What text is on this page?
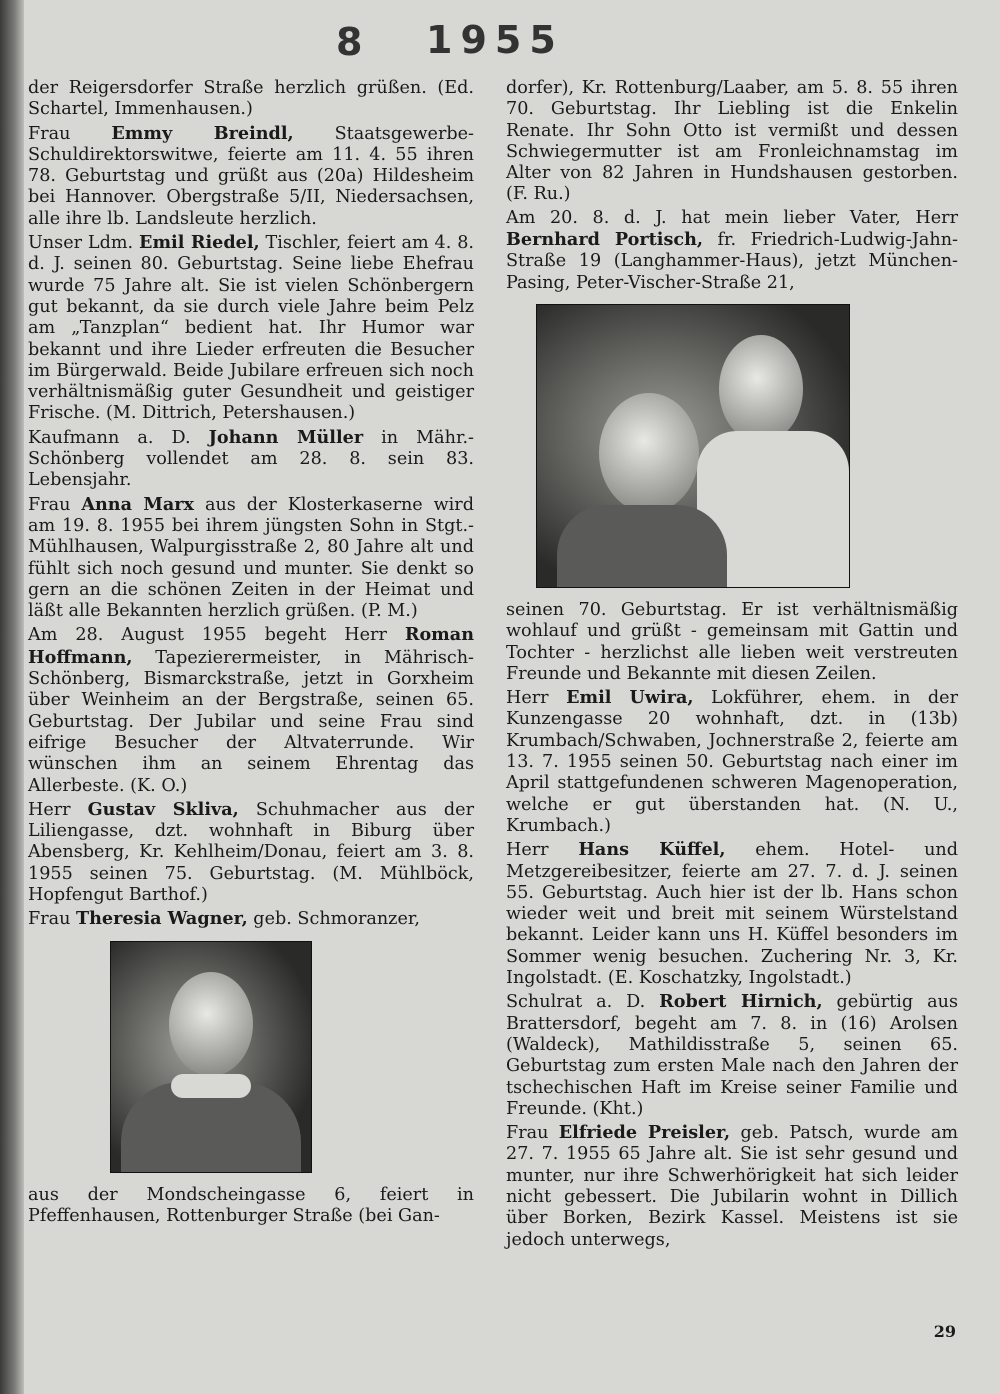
8 1955

der Reigersdorfer Straße herzlich grüßen. (Ed. Schartel, Immenhausen.)

Frau Emmy Breindl, Staatsgewerbe-Schuldirektorswitwe, feierte am 11. 4. 55 ihren 78. Geburtstag und grüßt aus (20a) Hildesheim bei Hannover. Obergstraße 5/II, Niedersachsen, alle ihre lb. Landsleute herzlich.

Unser Ldm. Emil Riedel, Tischler, feiert am 4. 8. d. J. seinen 80. Geburtstag. Seine liebe Ehefrau wurde 75 Jahre alt. Sie ist vielen Schönbergern gut bekannt, da sie durch viele Jahre beim Pelz am „Tanzplan“ bedient hat. Ihr Humor war bekannt und ihre Lieder erfreuten die Besucher im Bürgerwald. Beide Jubilare erfreuen sich noch verhältnismäßig guter Gesundheit und geistiger Frische. (M. Dittrich, Petershausen.)

Kaufmann a. D. Johann Müller in Mähr.-Schönberg vollendet am 28. 8. sein 83. Lebensjahr.

Frau Anna Marx aus der Klosterkaserne wird am 19. 8. 1955 bei ihrem jüngsten Sohn in Stgt.-Mühlhausen, Walpurgisstraße 2, 80 Jahre alt und fühlt sich noch gesund und munter. Sie denkt so gern an die schönen Zeiten in der Heimat und läßt alle Bekannten herzlich grüßen. (P. M.)

Am 28. August 1955 begeht Herr Roman Hoffmann, Tapezierermeister, in Mährisch-Schönberg, Bismarckstraße, jetzt in Gorxheim über Weinheim an der Bergstraße, seinen 65. Geburtstag. Der Jubilar und seine Frau sind eifrige Besucher der Altvaterrunde. Wir wünschen ihm an seinem Ehrentag das Allerbeste. (K. O.)

Herr Gustav Skliva, Schuhmacher aus der Liliengasse, dzt. wohnhaft in Biburg über Abensberg, Kr. Kehlheim/Donau, feiert am 3. 8. 1955 seinen 75. Geburtstag. (M. Mühlböck, Hopfengut Barthof.)

Frau Theresia Wagner, geb. Schmoranzer,

aus der Mondscheingasse 6, feiert in Pfeffenhausen, Rottenburger Straße (bei Gan-

dorfer), Kr. Rottenburg/Laaber, am 5. 8. 55 ihren 70. Geburtstag. Ihr Liebling ist die Enkelin Renate. Ihr Sohn Otto ist vermißt und dessen Schwiegermutter ist am Fronleichnamstag im Alter von 82 Jahren in Hundshausen gestorben. (F. Ru.)

Am 20. 8. d. J. hat mein lieber Vater, Herr Bernhard Portisch, fr. Friedrich-Ludwig-Jahn-Straße 19 (Langhammer-Haus), jetzt München-Pasing, Peter-Vischer-Straße 21,

seinen 70. Geburtstag. Er ist verhältnismäßig wohlauf und grüßt - gemeinsam mit Gattin und Tochter - herzlichst alle lieben weit verstreuten Freunde und Bekannte mit diesen Zeilen.

Herr Emil Uwira, Lokführer, ehem. in der Kunzengasse 20 wohnhaft, dzt. in (13b) Krumbach/Schwaben, Jochnerstraße 2, feierte am 13. 7. 1955 seinen 50. Geburtstag nach einer im April stattgefundenen schweren Magenoperation, welche er gut überstanden hat. (N. U., Krumbach.)

Herr Hans Küffel, ehem. Hotel- und Metzgereibesitzer, feierte am 27. 7. d. J. seinen 55. Geburtstag. Auch hier ist der lb. Hans schon wieder weit und breit mit seinem Würstelstand bekannt. Leider kann uns H. Küffel besonders im Sommer wenig besuchen. Zuchering Nr. 3, Kr. Ingolstadt. (E. Koschatzky, Ingolstadt.)

Schulrat a. D. Robert Hirnich, gebürtig aus Brattersdorf, begeht am 7. 8. in (16) Arolsen (Waldeck), Mathildisstraße 5, seinen 65. Geburtstag zum ersten Male nach den Jahren der tschechischen Haft im Kreise seiner Familie und Freunde. (Kht.)

Frau Elfriede Preisler, geb. Patsch, wurde am 27. 7. 1955 65 Jahre alt. Sie ist sehr gesund und munter, nur ihre Schwerhörigkeit hat sich leider nicht gebessert. Die Jubilarin wohnt in Dillich über Borken, Bezirk Kassel. Meistens ist sie jedoch unterwegs,

29
